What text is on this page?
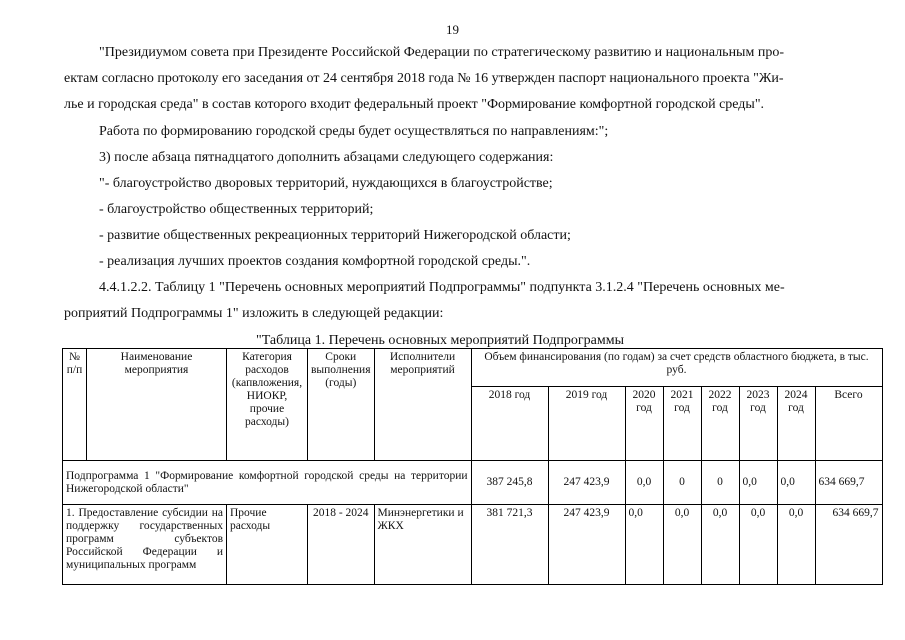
19
"Президиумом совета при Президенте Российской Федерации по стратегическому развитию и национальным про-
ектам согласно протоколу его заседания от 24 сентября 2018 года № 16 утвержден паспорт национального проекта "Жи-
лье и городская среда" в состав которого входит федеральный проект "Формирование комфортной городской среды".
Работа по формированию городской среды будет осуществляться по направлениям:";
3) после абзаца пятнадцатого дополнить абзацами следующего содержания:
"- благоустройство дворовых территорий, нуждающихся в благоустройстве;
- благоустройство общественных территорий;
- развитие общественных рекреационных территорий Нижегородской области;
- реализация лучших проектов создания комфортной городской среды.".
4.4.1.2.2. Таблицу 1 "Перечень основных мероприятий Подпрограммы" подпункта 3.1.2.4 "Перечень основных ме-
роприятий Подпрограммы 1" изложить в следующей редакции:
"Таблица 1. Перечень основных мероприятий Подпрограммы
№ п/п	Наименование мероприятия	Категория расходов (капвложения, НИОКР, прочие расходы)	Сроки выполнения (годы)	Исполнители мероприятий	Объем финансирования (по годам) за счет средств областного бюджета, в тыс. руб.							
					2018 год	2019 год	2020 год	2021 год	2022 год	2023 год	2024 год	Всего
Подпрограмма 1 "Формирование комфортной городской среды на территории Нижегородской области"					387 245,8	247 423,9	0,0	0	0	0,0	0,0	634 669,7
1. Предоставление субсидии на поддержку государственных программ субъектов Российской Федерации и муниципальных программ		Прочие расходы	2018 - 2024	Минэнергетики и ЖКХ	381 721,3	247 423,9	0,0	0,0	0,0	0,0	0,0	634 669,7
